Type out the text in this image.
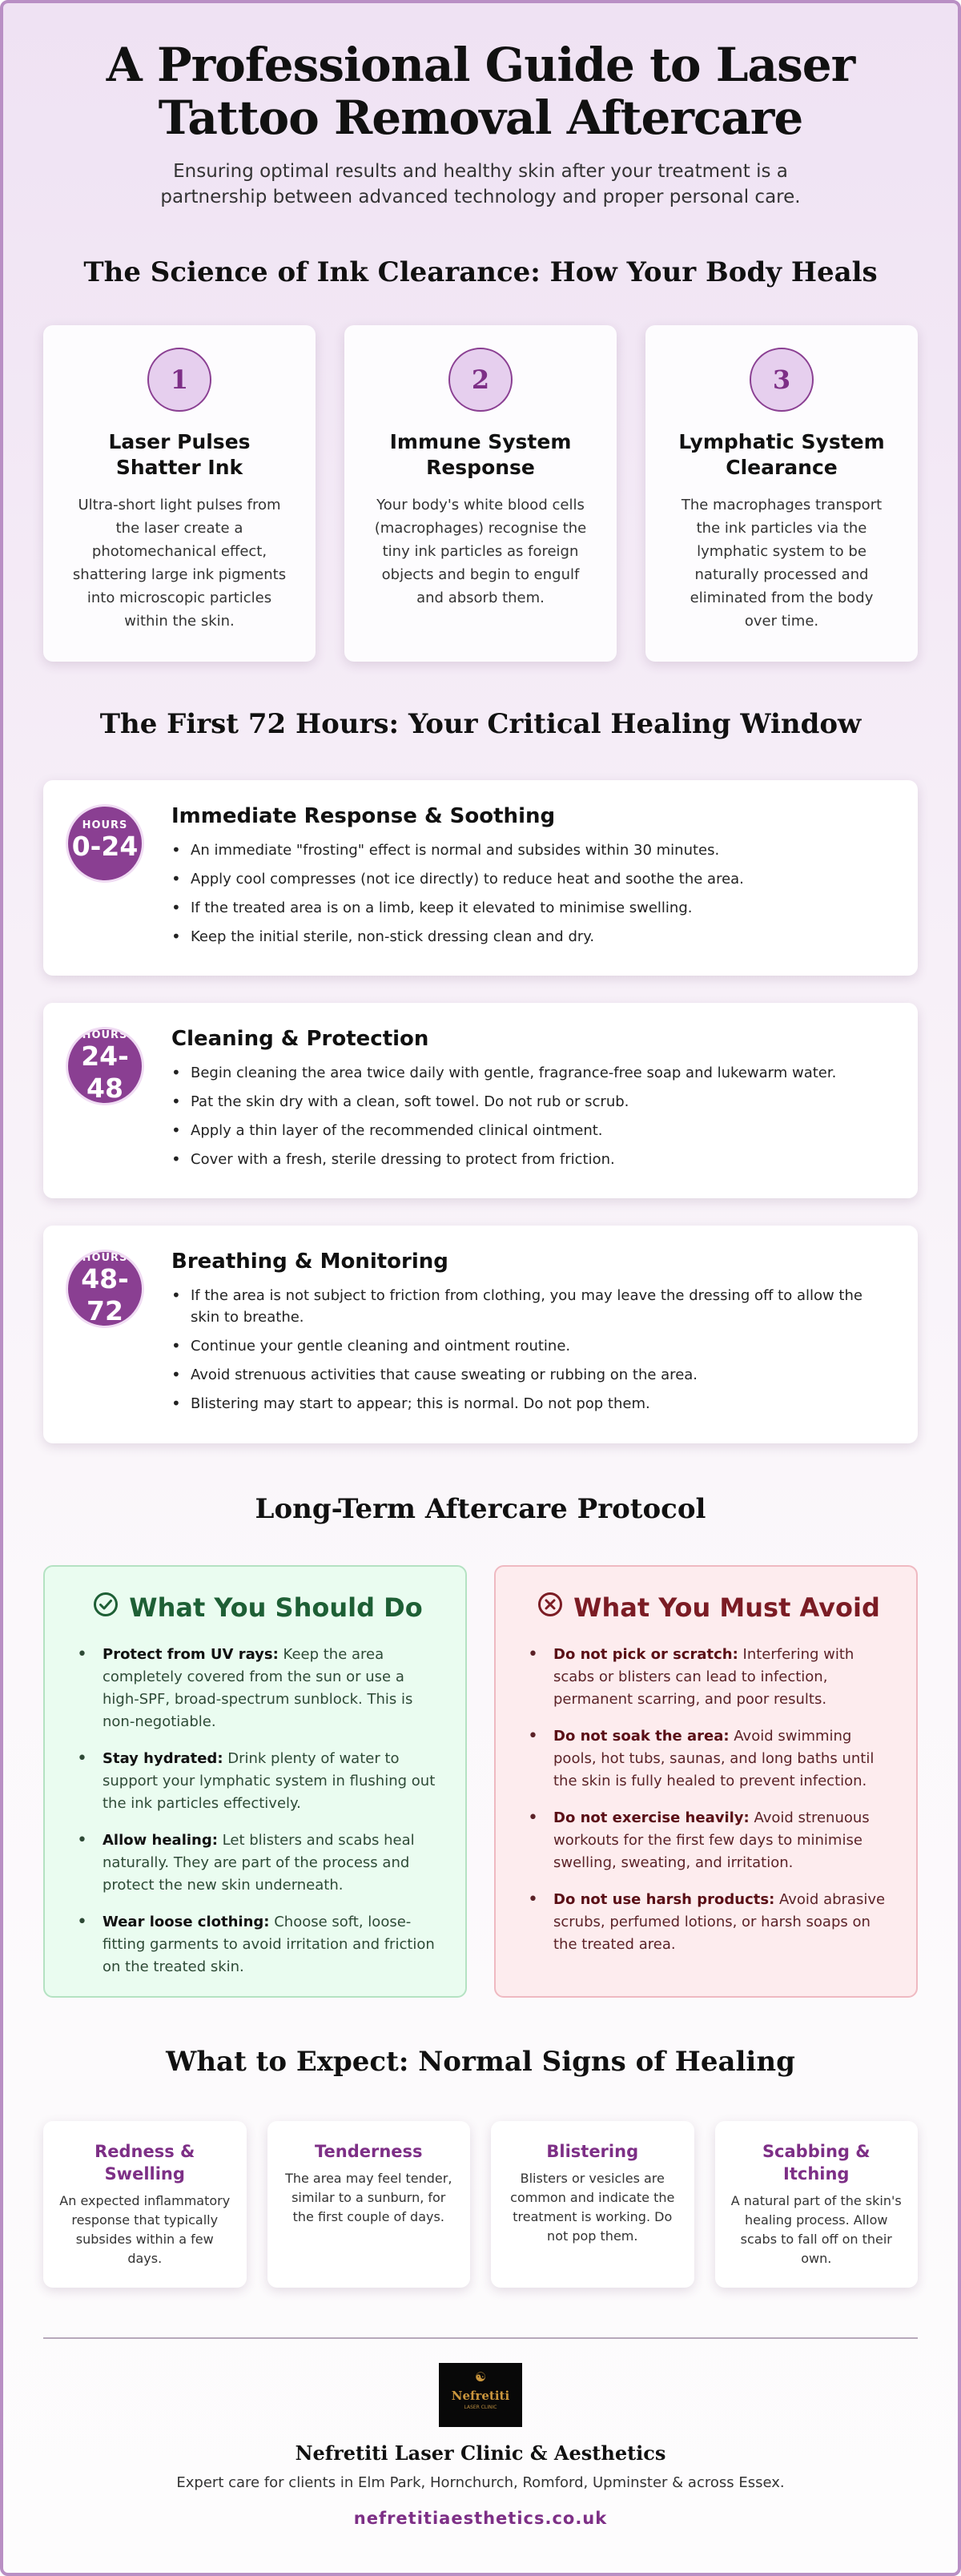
A Professional Guide to Laser Tattoo Removal Aftercare

Ensuring optimal results and healthy skin after your treatment is a partnership between advanced technology and proper personal care.

The Science of Ink Clearance: How Your Body Heals
1
Laser Pulses Shatter Ink

Ultra-short light pulses from the laser create a photomechanical effect, shattering large ink pigments into microscopic particles within the skin.

2
Immune System Response

Your body's white blood cells (macrophages) recognise the tiny ink particles as foreign objects and begin to engulf and absorb them.

3
Lymphatic System Clearance

The macrophages transport the ink particles via the lymphatic system to be naturally processed and eliminated from the body over time.

The First 72 Hours: Your Critical Healing Window
HOURS
0-24
Immediate Response & Soothing
• An immediate "frosting" effect is normal and subsides within 30 minutes.
• Apply cool compresses (not ice directly) to reduce heat and soothe the area.
• If the treated area is on a limb, keep it elevated to minimise swelling.
• Keep the initial sterile, non-stick dressing clean and dry.
HOURS
24-
48
Cleaning & Protection
• Begin cleaning the area twice daily with gentle, fragrance-free soap and lukewarm water.
• Pat the skin dry with a clean, soft towel. Do not rub or scrub.
• Apply a thin layer of the recommended clinical ointment.
• Cover with a fresh, sterile dressing to protect from friction.
HOURS
48-
72
Breathing & Monitoring
• If the area is not subject to friction from clothing, you may leave the dressing off to allow the skin to breathe.
• Continue your gentle cleaning and ointment routine.
• Avoid strenuous activities that cause sweating or rubbing on the area.
• Blistering may start to appear; this is normal. Do not pop them.
Long-Term Aftercare Protocol
What You Should Do
• Protect from UV rays: Keep the area completely covered from the sun or use a high-SPF, broad-spectrum sunblock. This is non-negotiable.
• Stay hydrated: Drink plenty of water to support your lymphatic system in flushing out the ink particles effectively.
• Allow healing: Let blisters and scabs heal naturally. They are part of the process and protect the new skin underneath.
• Wear loose clothing: Choose soft, loose-fitting garments to avoid irritation and friction on the treated skin.
What You Must Avoid
• Do not pick or scratch: Interfering with scabs or blisters can lead to infection, permanent scarring, and poor results.
• Do not soak the area: Avoid swimming pools, hot tubs, saunas, and long baths until the skin is fully healed to prevent infection.
• Do not exercise heavily: Avoid strenuous workouts for the first few days to minimise swelling, sweating, and irritation.
• Do not use harsh products: Avoid abrasive scrubs, perfumed lotions, or harsh soaps on the treated area.
What to Expect: Normal Signs of Healing
Redness & Swelling

An expected inflammatory response that typically subsides within a few days.

Tenderness

The area may feel tender, similar to a sunburn, for the first couple of days.

Blistering

Blisters or vesicles are common and indicate the treatment is working. Do not pop them.

Scabbing & Itching

A natural part of the skin's healing process. Allow scabs to fall off on their own.

☯
Nefretiti
LASER CLINIC
Nefretiti Laser Clinic & Aesthetics
Expert care for clients in Elm Park, Hornchurch, Romford, Upminster & across Essex.
nefretitiaesthetics.co.uk
